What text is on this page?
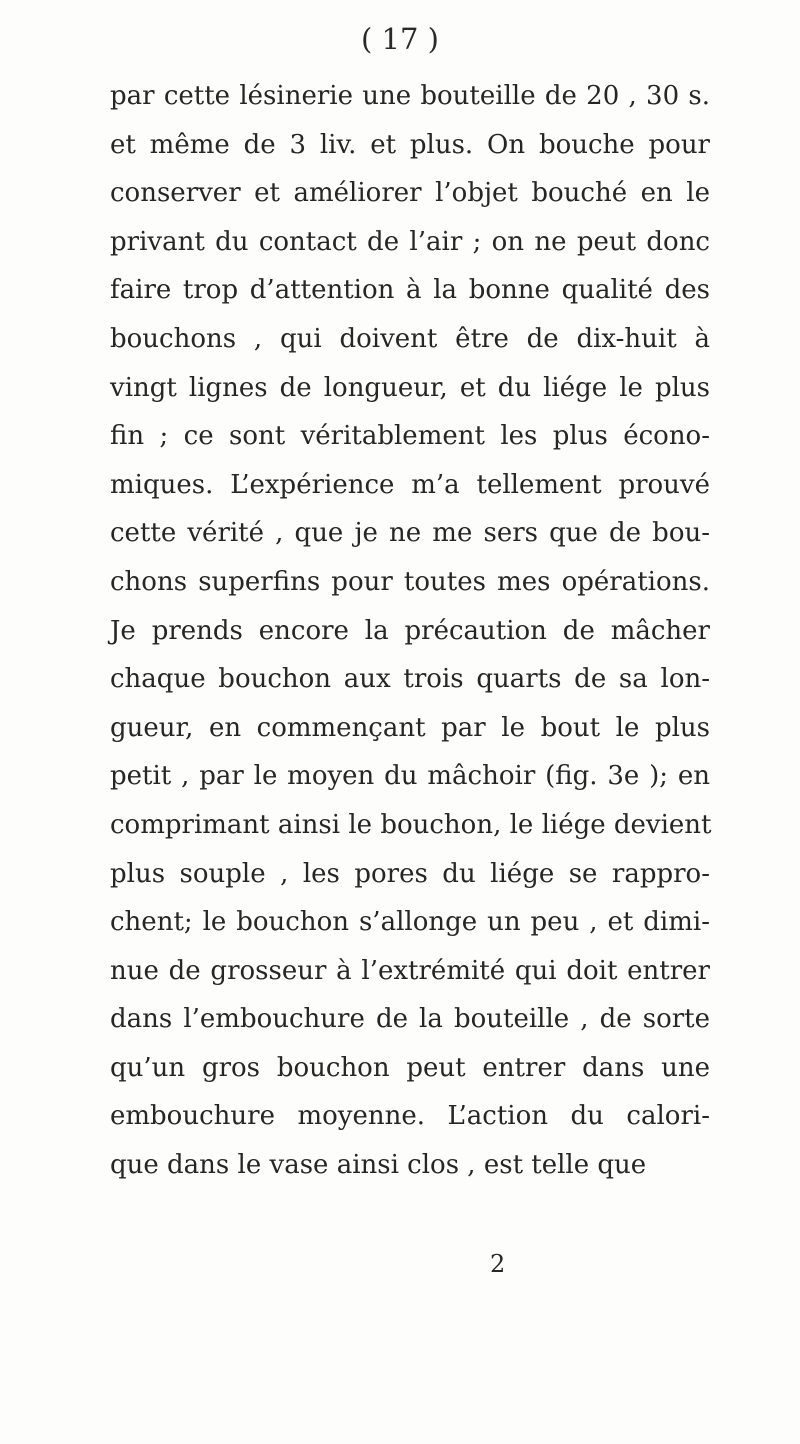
( 17 )
par cette lésinerie une bouteille de 20 , 30 s.
et même de 3 liv. et plus. On bouche pour
conserver et améliorer l’objet bouché en le
privant du contact de l’air ; on ne peut donc
faire trop d’attention à la bonne qualité des
bouchons , qui doivent être de dix-huit à
vingt lignes de longueur, et du liége le plus
fin ; ce sont véritablement les plus écono-
miques. L’expérience m’a tellement prouvé
cette vérité , que je ne me sers que de bou-
chons superfins pour toutes mes opérations.
Je prends encore la précaution de mâcher
chaque bouchon aux trois quarts de sa lon-
gueur, en commençant par le bout le plus
petit , par le moyen du mâchoir (fig. 3e ); en
comprimant ainsi le bouchon, le liége devient
plus souple , les pores du liége se rappro-
chent; le bouchon s’allonge un peu , et dimi-
nue de grosseur à l’extrémité qui doit entrer
dans l’embouchure de la bouteille , de sorte
qu’un gros bouchon peut entrer dans une
embouchure moyenne. L’action du calori-
que dans le vase ainsi clos , est telle que
2
